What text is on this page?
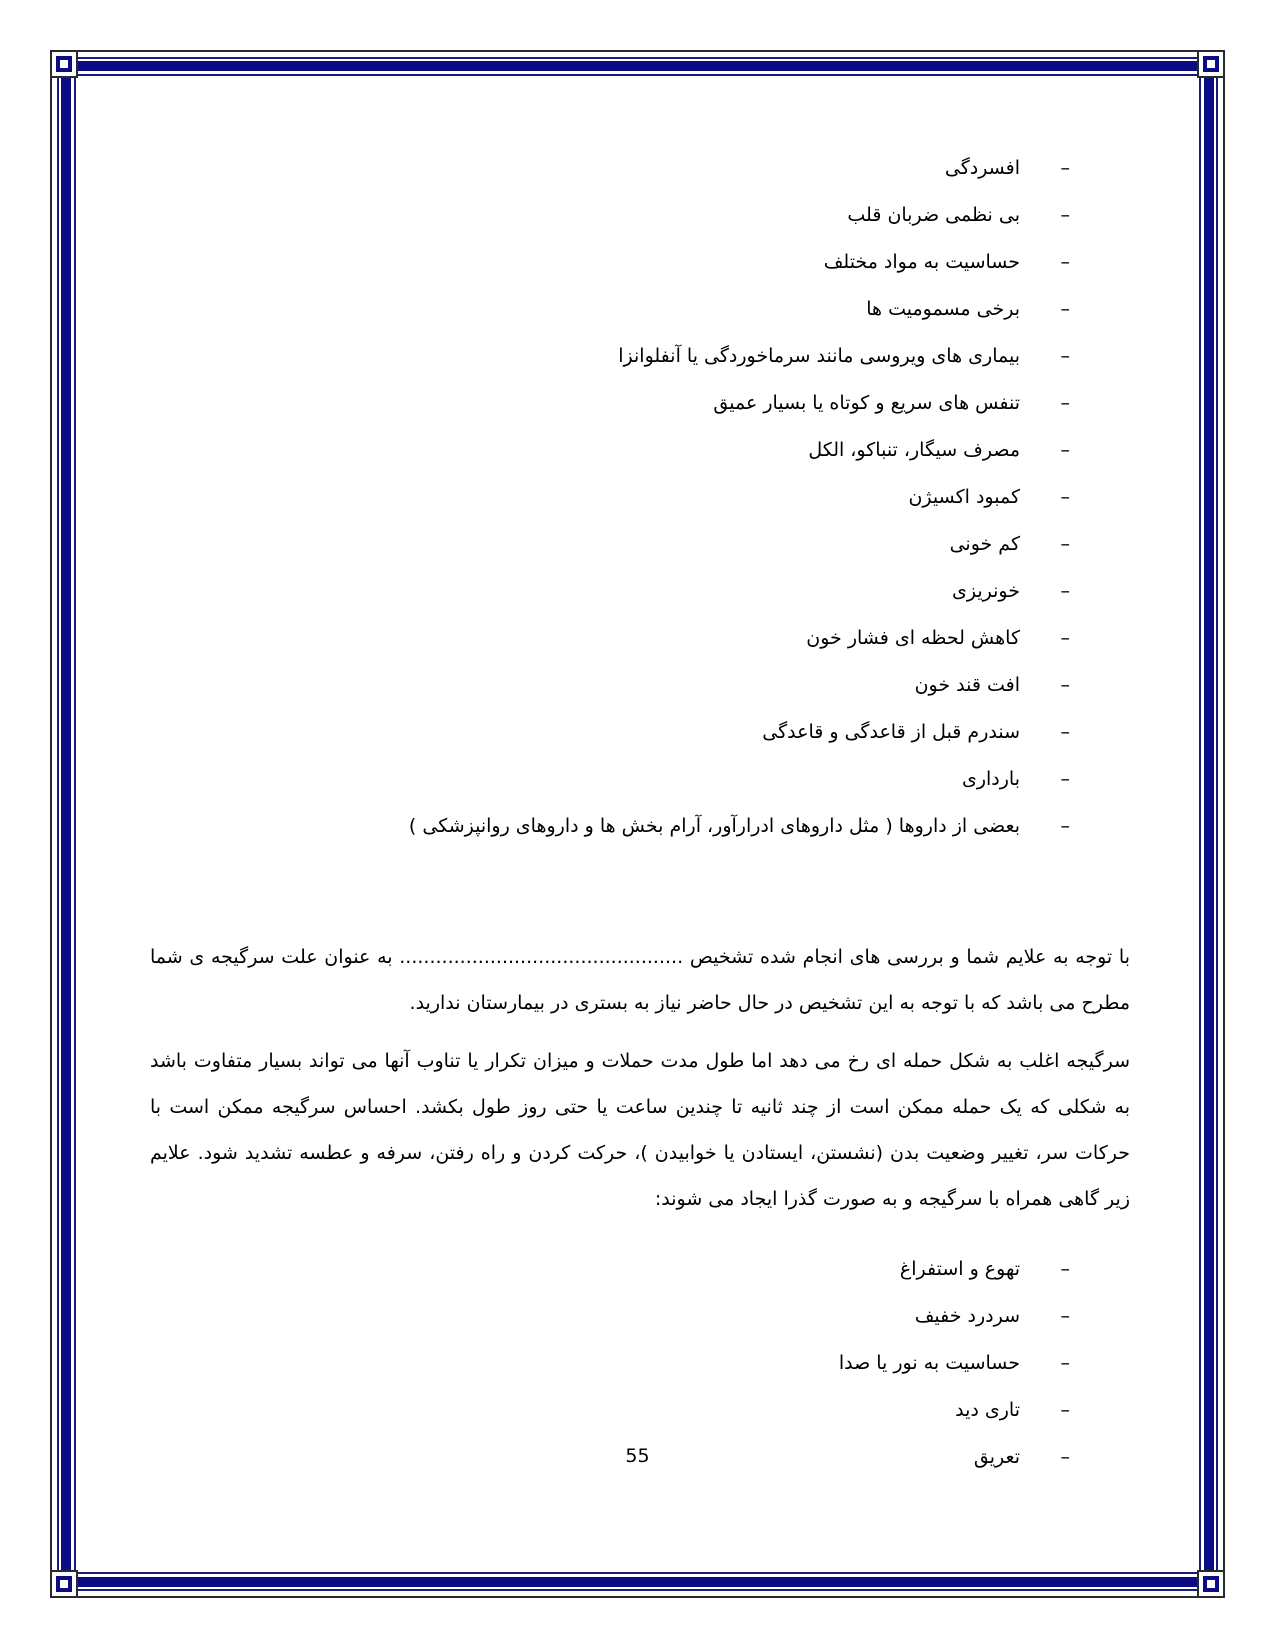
–
افسردگی
–
بی نظمی ضربان قلب
–
حساسیت به مواد مختلف
–
برخی مسمومیت ها
–
بیماری های ویروسی مانند سرماخوردگی یا آنفلوانزا
–
تنفس های سریع و کوتاه یا بسیار عمیق
–
مصرف سیگار، تنباکو، الکل
–
کمبود اکسیژن
–
کم خونی
–
خونریزی
–
کاهش لحظه ای فشار خون
–
افت قند خون
–
سندرم قبل از قاعدگی و قاعدگی
–
بارداری
–
بعضی از داروها ( مثل داروهای ادرارآور، آرام بخش ها و داروهای روانپزشکی )

با توجه به علایم شما و بررسی های انجام شده تشخیص ............................................... به عنوان علت سرگیجه ی شما مطرح می باشد که با توجه به این تشخیص در حال حاضر نیاز به بستری در بیمارستان ندارید.

سرگیجه اغلب به شکل حمله ای رخ می دهد اما طول مدت حملات و میزان تکرار یا تناوب آنها می تواند بسیار متفاوت باشد به شکلی که یک حمله ممکن است از چند ثانیه تا چندین ساعت یا حتی روز طول بکشد. احساس سرگیجه ممکن است با حرکات سر، تغییر وضعیت بدن (نشستن، ایستادن یا خوابیدن )، حرکت کردن و راه رفتن، سرفه و عطسه تشدید شود. علایم زیر گاهی همراه با سرگیجه و به صورت گذرا ایجاد می شوند:

–
تهوع و استفراغ
–
سردرد خفیف
–
حساسیت به نور یا صدا
–
تاری دید
–
تعریق
55
